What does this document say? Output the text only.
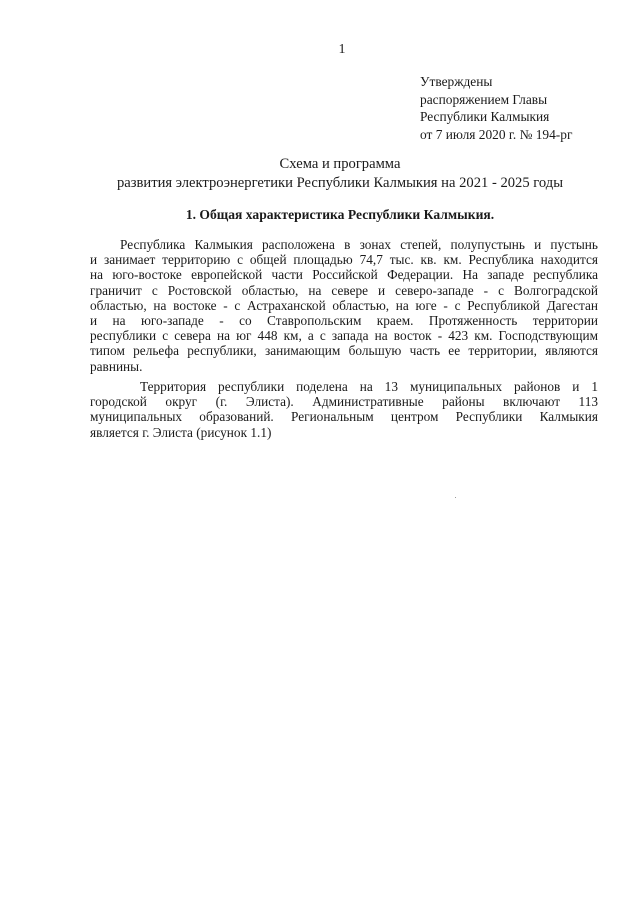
1
Утверждены
распоряжением Главы
Республики Калмыкия
от 7 июля 2020 г. № 194-рг
Схема и программа
развития электроэнергетики Республики Калмыкия на 2021 - 2025 годы
1. Общая характеристика Республики Калмыкия.
Республика Калмыкия расположена в зонах степей, полупустынь и пустынь
и занимает территорию с общей площадью 74,7 тыс. кв. км. Республика находится
на юго-востоке европейской части Российской Федерации. На западе республика
граничит с Ростовской областью, на севере и северо-западе - с Волгоградской
областью, на востоке - с Астраханской областью, на юге - с Республикой Дагестан
и на юго-западе - со Ставропольским краем. Протяженность территории
республики с севера на юг 448 км, а с запада на восток - 423 км. Господствующим
типом рельефа республики, занимающим большую часть ее территории, являются
равнины.
Территория республики поделена на 13 муниципальных районов и 1
городской округ (г. Элиста). Административные районы включают 113
муниципальных образований. Региональным центром Республики Калмыкия
является г. Элиста (рисунок 1.1)
